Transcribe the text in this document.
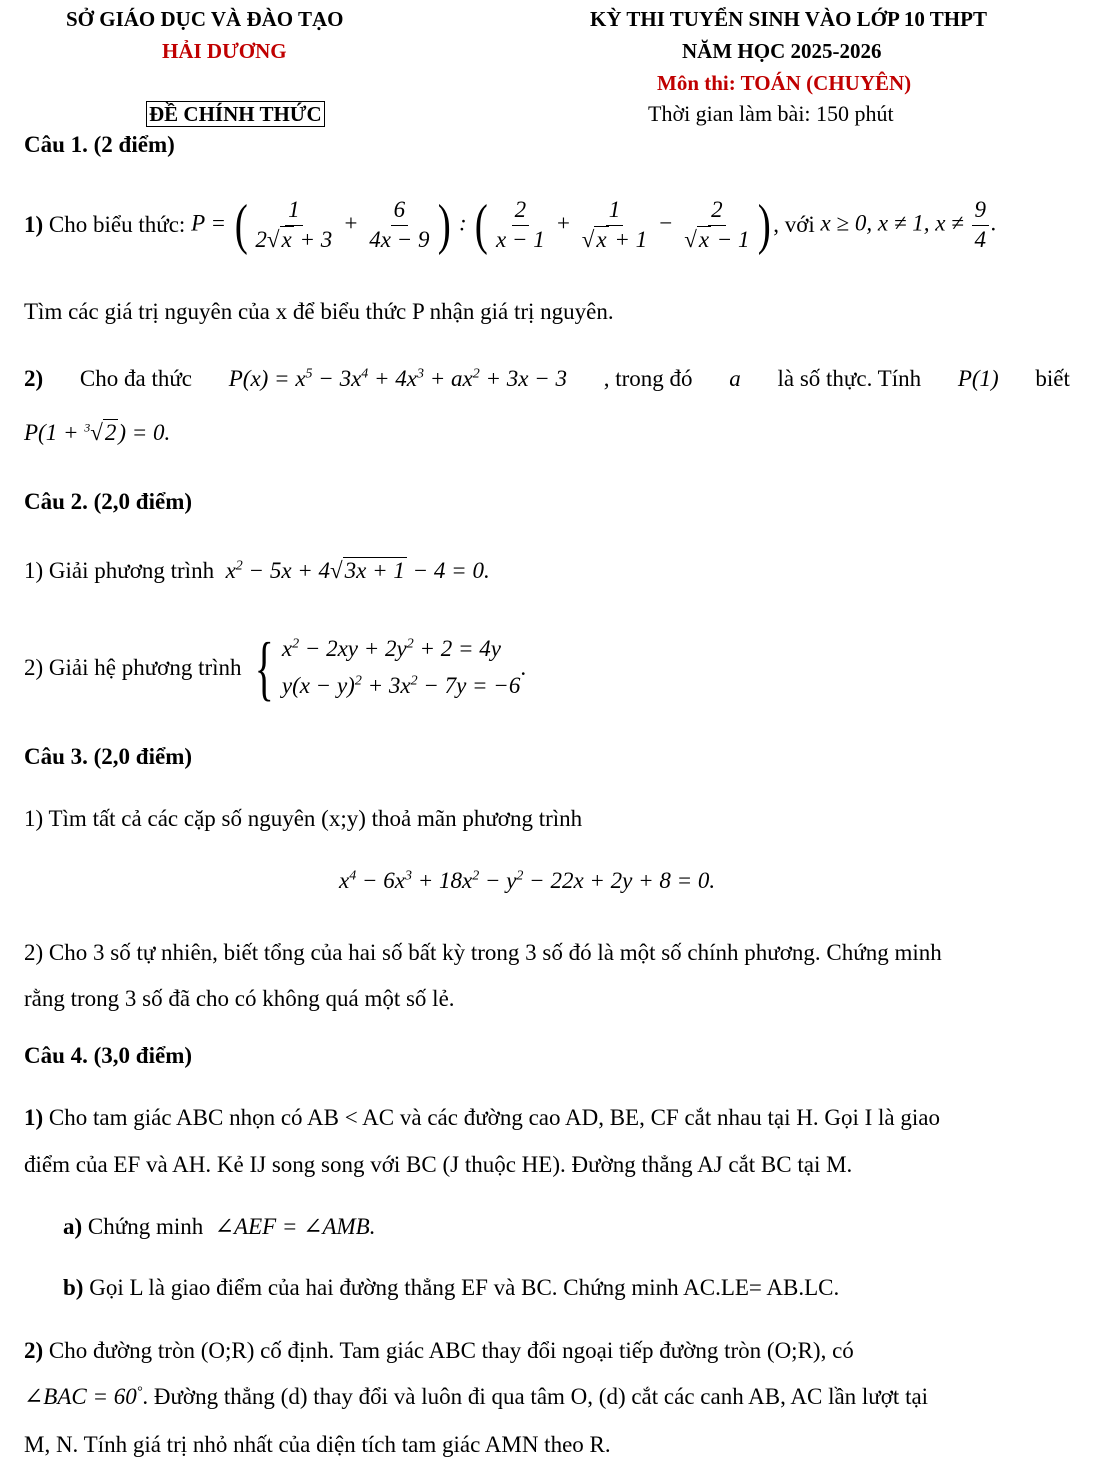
SỞ GIÁO DỤC VÀ ĐÀO TẠO
HẢI DƯƠNG
KỲ THI TUYỂN SINH VÀO LỚP 10 THPT
NĂM HỌC 2025-2026
Môn thi: TOÁN (CHUYÊN)
ĐỀ CHÍNH THỨC	Thời gian làm bài: 150 phút
Câu 1. (2 điểm)
1)
Cho biểu thức:
P = ( $\frac{1}{2√x + 3} + \frac{6}{4x - 9}$ ) : ( $\frac{2}{x - 1} + \frac{1}{√x + 1} - \frac{2}{√x - 1}$ ) , với
x ≥ 0, x ≠ 1, $x \ne \frac{9}{4}$ .
Tìm các giá trị nguyên của x để biểu thức P nhận giá trị nguyên.
2) Cho đa thức $P(x) = x^5 - 3x^4 + 4x^3 + ax^2 + 3x - 3$ , trong đó a là số thực. Tính P(1) biết
P(1 + $^3$√2) = 0.
Câu 2. (2,0 điểm)
1) Giải phương trình $x^2 - 5x + 4√3x + 1 - 4 = 0$.
2) Giải hệ phương trình
{ $x^2 - 2xy + 2y^2 + 2 = 4y$
$y(x - y)^2 + 3x^2 - 7y = -6$
.
Câu 3. (2,0 điểm)
1) Tìm tất cả các cặp số nguyên (x;y) thoả mãn phương trình
$x^4 - 6x^3 + 18x^2 - y^2 - 22x + 2y + 8 = 0$.
2) Cho 3 số tự nhiên, biết tổng của hai số bất kỳ trong 3 số đó là một số chính phương. Chứng minh
rằng trong 3 số đã cho có không quá một số lẻ.
Câu 4. (3,0 điểm)
1) Cho tam giác ABC nhọn có AB < AC và các đường cao AD, BE, CF cắt nhau tại H. Gọi I là giao
điểm của EF và AH. Kẻ IJ song song với BC (J thuộc HE). Đường thẳng AJ cắt BC tại M.
a) Chứng minh ∠AEF = ∠AMB.
b) Gọi L là giao điểm của hai đường thẳng EF và BC. Chứng minh AC.LE= AB.LC.
2) Cho đường tròn (O;R) cố định. Tam giác ABC thay đổi ngoại tiếp đường tròn (O;R), có
∠BAC = 60°. Đường thẳng (d) thay đổi và luôn đi qua tâm O, (d) cắt các canh AB, AC lần lượt tại
M, N. Tính giá trị nhỏ nhất của diện tích tam giác AMN theo R.
